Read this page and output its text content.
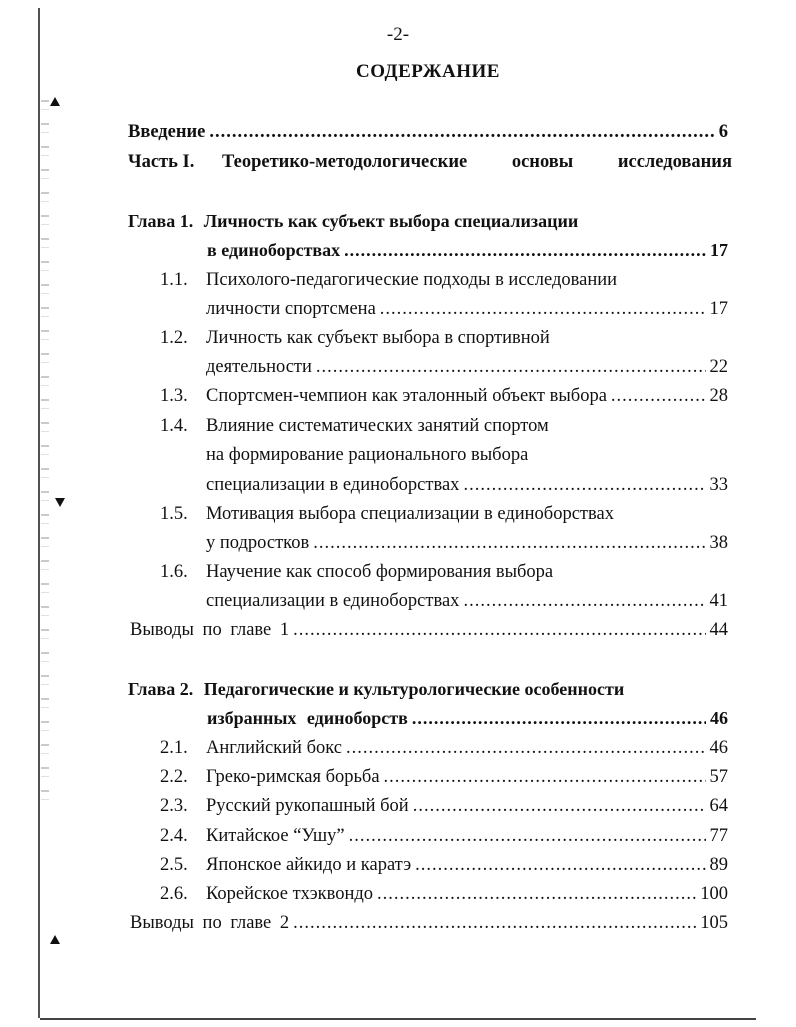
-2-
СОДЕРЖАНИЕ
Введение .....	6
Часть I. Теоретико-методологические основы исследования
Глава 1. Личность как субъект выбора специализации
в единоборствах .....	17
1.1. Психолого-педагогические подходы в исследовании
личности спортсмена .....	17
1.2. Личность как субъект выбора в спортивной
деятельности .....	22
1.3. Спортсмен-чемпион как эталонный объект выбора .....	28
1.4. Влияние систематических занятий спортом
на формирование рационального выбора
специализации в единоборствах .....	33
1.5. Мотивация выбора специализации в единоборствах
у подростков .....	38
1.6. Научение как способ формирования выбора
специализации в единоборствах .....	41
Выводы по главе 1 .....	44
Глава 2. Педагогические и культурологические особенности
избранных единоборств .....	46
2.1. Английский бокс .....	46
2.2. Греко-римская борьба .....	57
2.3. Русский рукопашный бой .....	64
2.4. Китайское “Ушу” .....	77
2.5. Японское айкидо и каратэ .....	89
2.6. Корейское тхэквондо .....	100
Выводы по главе 2 .....	105
